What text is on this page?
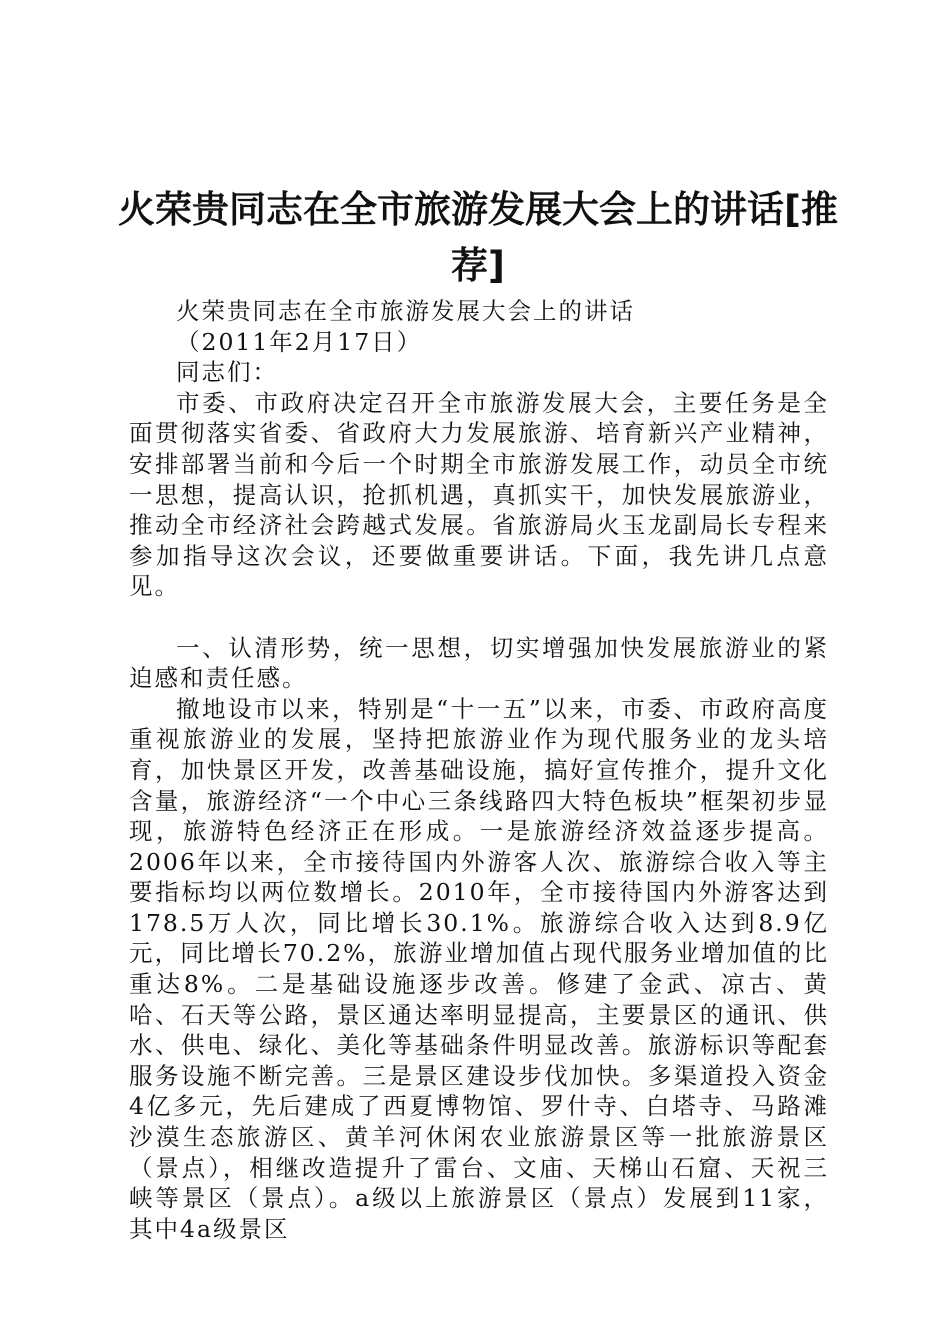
火荣贵同志在全市旅游发展大会上的讲话[推荐]

火荣贵同志在全市旅游发展大会上的讲话

（2011年2月17日）

同志们：

市委、市政府决定召开全市旅游发展大会，主要任务是全面贯彻落实省委、省政府大力发展旅游、培育新兴产业精神，安排部署当前和今后一个时期全市旅游发展工作，动员全市统一思想，提高认识，抢抓机遇，真抓实干，加快发展旅游业，推动全市经济社会跨越式发展。省旅游局火玉龙副局长专程来参加指导这次会议，还要做重要讲话。下面，我先讲几点意见。

一、认清形势，统一思想，切实增强加快发展旅游业的紧迫感和责任感。

撤地设市以来，特别是“十一五”以来，市委、市政府高度重视旅游业的发展，坚持把旅游业作为现代服务业的龙头培育，加快景区开发，改善基础设施，搞好宣传推介，提升文化含量，旅游经济“一个中心三条线路四大特色板块”框架初步显现，旅游特色经济正在形成。一是旅游经济效益逐步提高。2006年以来，全市接待国内外游客人次、旅游综合收入等主要指标均以两位数增长。2010年，全市接待国内外游客达到178.5万人次，同比增长30.1%。旅游综合收入达到8.9亿元，同比增长70.2%，旅游业增加值占现代服务业增加值的比重达8%。二是基础设施逐步改善。修建了金武、凉古、黄哈、石天等公路，景区通达率明显提高，主要景区的通讯、供水、供电、绿化、美化等基础条件明显改善。旅游标识等配套服务设施不断完善。三是景区建设步伐加快。多渠道投入资金4亿多元，先后建成了西夏博物馆、罗什寺、白塔寺、马路滩沙漠生态旅游区、黄羊河休闲农业旅游景区等一批旅游景区（景点），相继改造提升了雷台、文庙、天梯山石窟、天祝三峡等景区（景点）。a级以上旅游景区（景点）发展到11家，其中4a级景区
